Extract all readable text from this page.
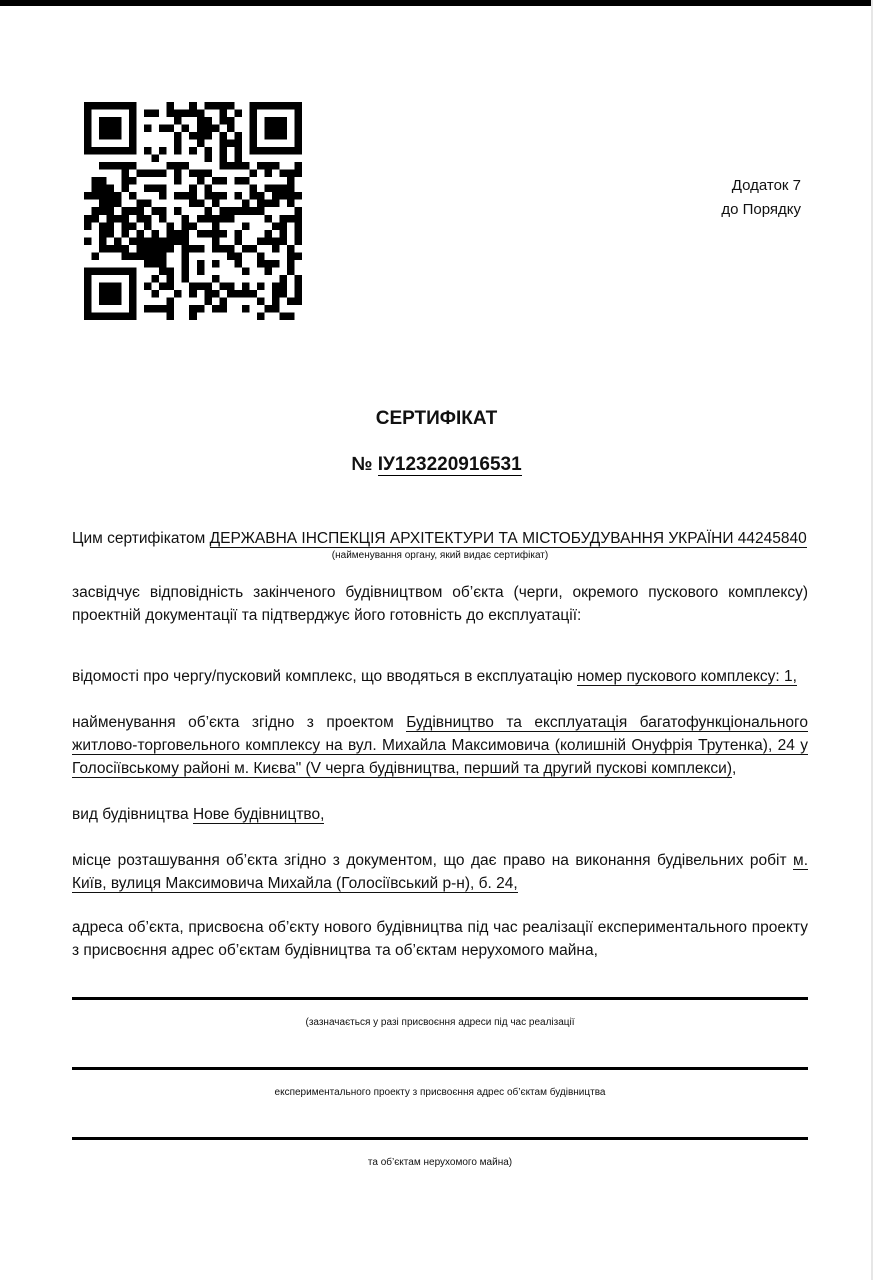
Додаток 7
до Порядку
СЕРТИФІКАТ
№ ІУ123220916531
Цим сертифікатом ДЕРЖАВНА ІНСПЕКЦІЯ АРХІТЕКТУРИ ТА МІСТОБУДУВАННЯ УКРАЇНИ 44245840
(найменування органу, який видає сертифікат)
засвідчує відповідність закінченого будівництвом об’єкта (черги, окремого пускового комплексу) проектній документації та підтверджує його готовність до експлуатації:
відомості про чергу/пусковий комплекс, що вводяться в експлуатацію номер пускового комплексу: 1,
найменування об’єкта згідно з проектом Будівництво та експлуатація багатофункціонального житлово-торговельного комплексу на вул. Михайла Максимовича (колишній Онуфрія Трутенка), 24 у Голосіївському районі м. Києва" (V черга будівництва, перший та другий пускові комплекси),
вид будівництва Нове будівництво,
місце розташування об’єкта згідно з документом, що дає право на виконання будівельних робіт м. Київ, вулиця Максимовича Михайла (Голосіївський р-н), б. 24,
адреса об’єкта, присвоєна об’єкту нового будівництва під час реалізації експериментального проекту з присвоєння адрес об’єктам будівництва та об’єктам нерухомого майна,
(зазначається у разі присвоєння адреси під час реалізації
експериментального проекту з присвоєння адрес об’єктам будівництва
та об’єктам нерухомого майна)
